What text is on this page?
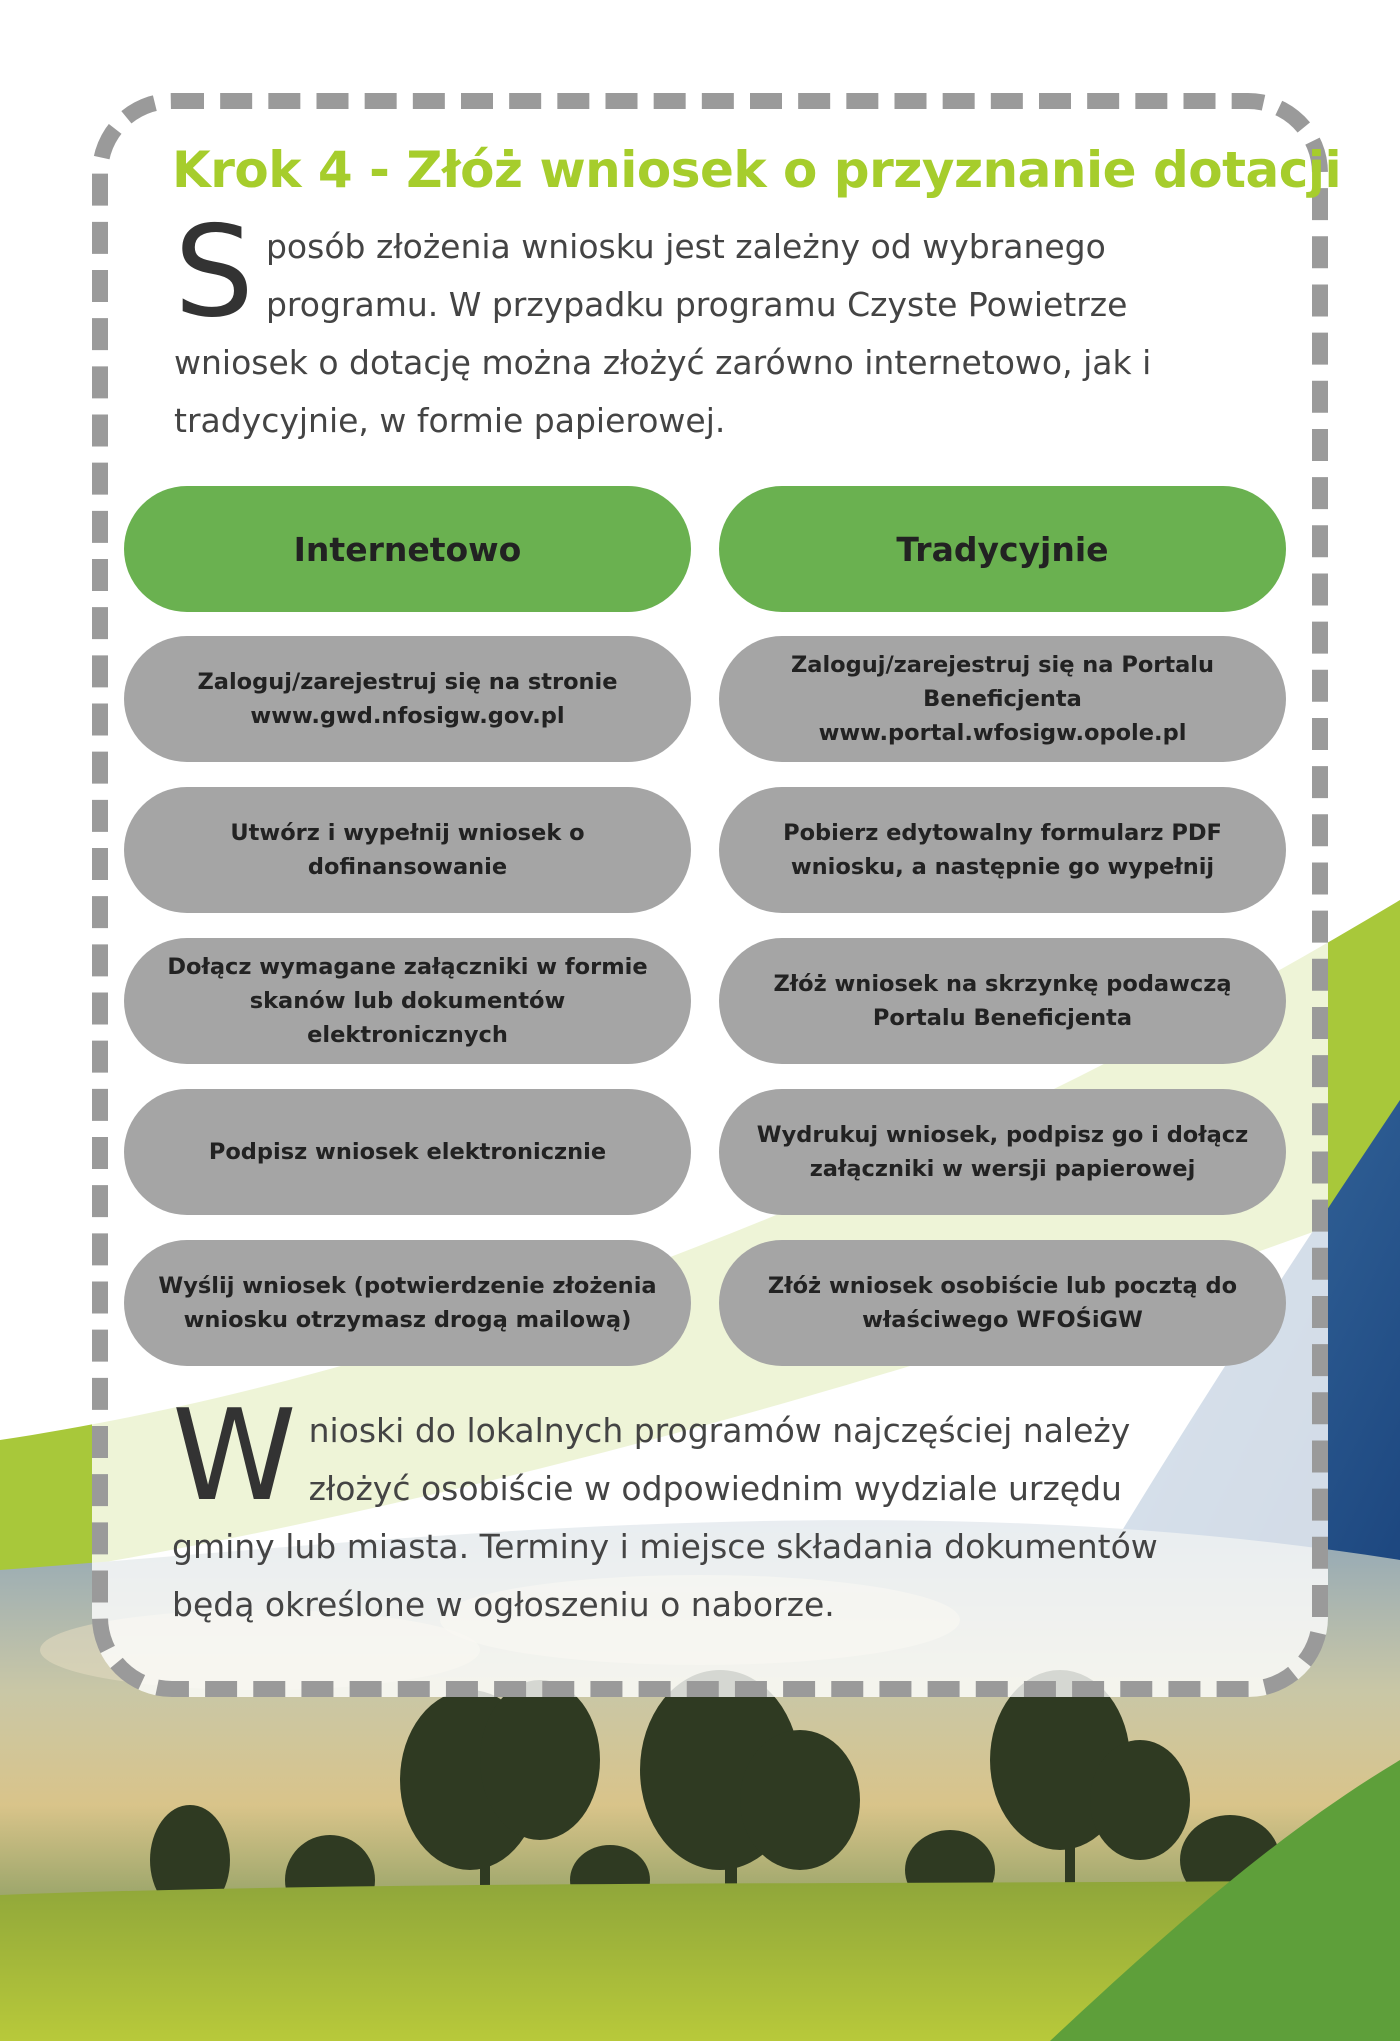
Krok 4 - Złóż wniosek o przyznanie dotacji

Sposób złożenia wniosku jest zależny od wybranego programu. W przypadku programu Czyste Powietrze wniosek o dotację można złożyć zarówno internetowo, jak i tradycyjnie, w formie papierowej.

Internetowo
Zaloguj/zarejestruj się na stronie www.gwd.nfosigw.gov.pl
Utwórz i wypełnij wniosek o dofinansowanie
Dołącz wymagane załączniki w formie skanów lub dokumentów elektronicznych
Podpisz wniosek elektronicznie
Wyślij wniosek (potwierdzenie złożenia wniosku otrzymasz drogą mailową)
Tradycyjnie
Zaloguj/zarejestruj się na Portalu Beneficjenta www.portal.wfosigw.opole.pl
Pobierz edytowalny formularz PDF wniosku, a następnie go wypełnij
Złóż wniosek na skrzynkę podawczą Portalu Beneficjenta
Wydrukuj wniosek, podpisz go i dołącz załączniki w wersji papierowej
Złóż wniosek osobiście lub pocztą do właściwego WFOŚiGW

Wnioski do lokalnych programów najczęściej należy złożyć osobiście w odpowiednim wydziale urzędu gminy lub miasta. Terminy i miejsce składania dokumentów będą określone w ogłoszeniu o naborze.
